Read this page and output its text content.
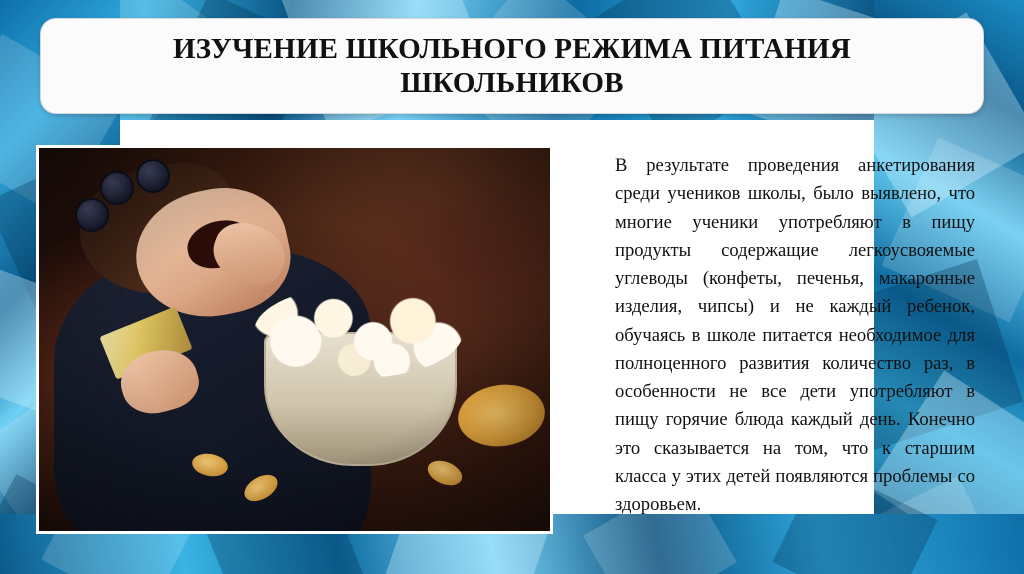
ИЗУЧЕНИЕ ШКОЛЬНОГО РЕЖИМА ПИТАНИЯ ШКОЛЬНИКОВ

В результате проведения анкетирования среди учеников школы, было выявлено, что многие ученики употребляют в пищу продукты содержащие легкоусвояемые углеводы (конфеты, печенья, макаронные изделия, чипсы) и не каждый ребенок, обучаясь в школе питается необходимое для полноценного развития количество раз, в особенности не все дети употребляют в пищу горячие блюда каждый день. Конечно это сказывается на том, что к старшим класса у этих детей появляются проблемы со здоровьем.
